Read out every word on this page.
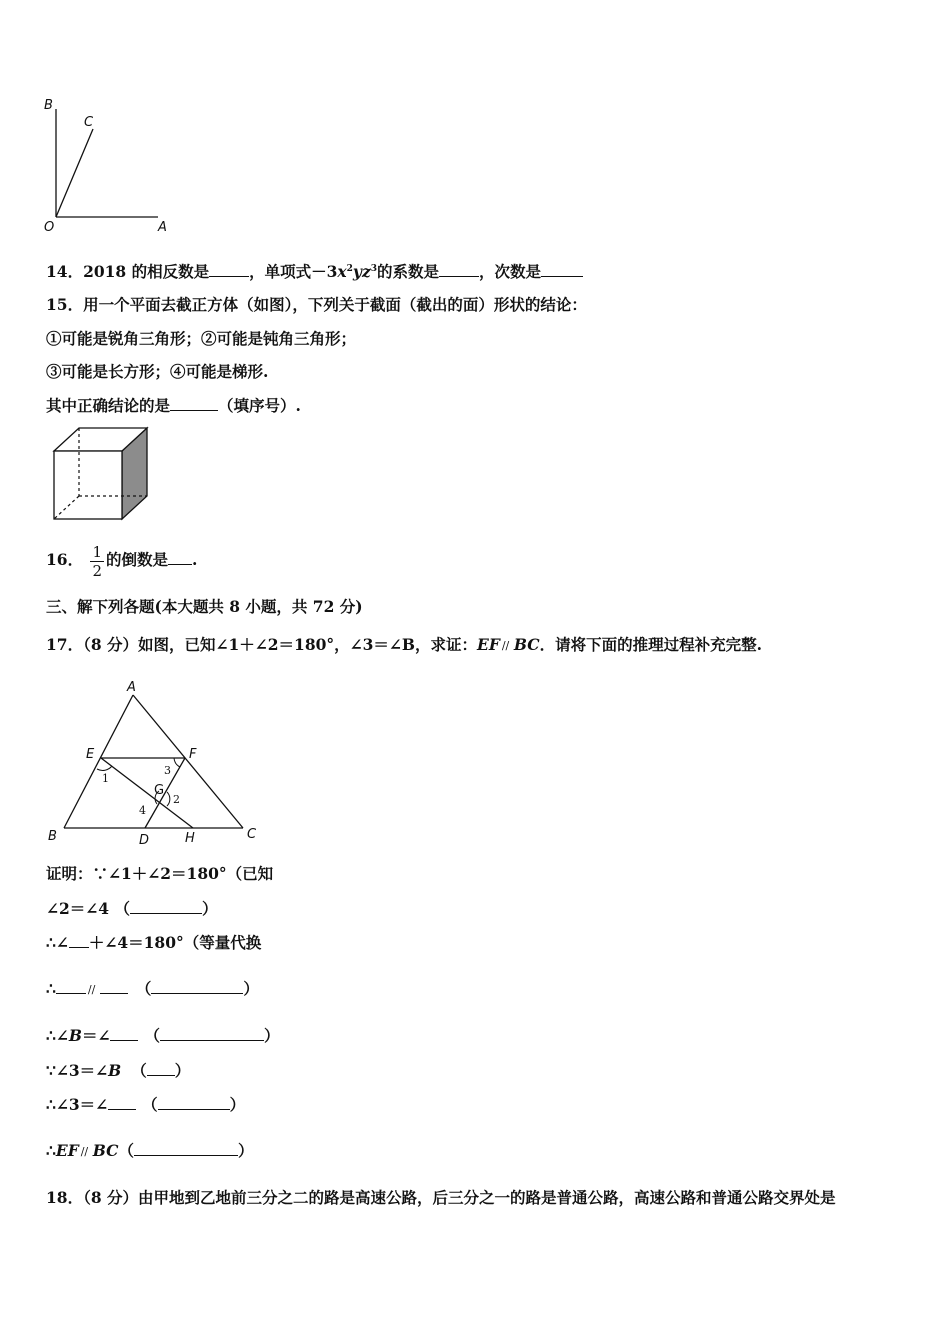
B
C
O	A
14．2018 的相反数是	，单项式$-3x^2yz^3$的系数是	，次数是
15．用一个平面去截正方体（如图），下列关于截面（截出的面）形状的结论：
①可能是锐角三角形；②可能是钝角三角形；
③可能是长方形；④可能是梯形.
其中正确结论的是	（填序号）.
16． $\frac{1}{2}$ 的倒数是 .
三、解下列各题(本大题共 8 小题，共 72 分)
17．（8 分）如图，已知∠1＋∠2＝180°，∠3＝∠B，求证：EF // BC．请将下面的推理过程补充完整.
A
E	F
G
B	D	H	C
1
2
3
4
证明：∵∠1＋∠2＝180°（已知
∠2＝∠4 （	）
∴∠ ＋∠4＝180°（等量代换
∴	//	（	）
∴∠B＝∠ （	）
∵∠3＝∠B （ ）
∴∠3＝∠ （	）
∴EF // BC（	）
18．（8 分）由甲地到乙地前三分之二的路是高速公路，后三分之一的路是普通公路，高速公路和普通公路交界处是
